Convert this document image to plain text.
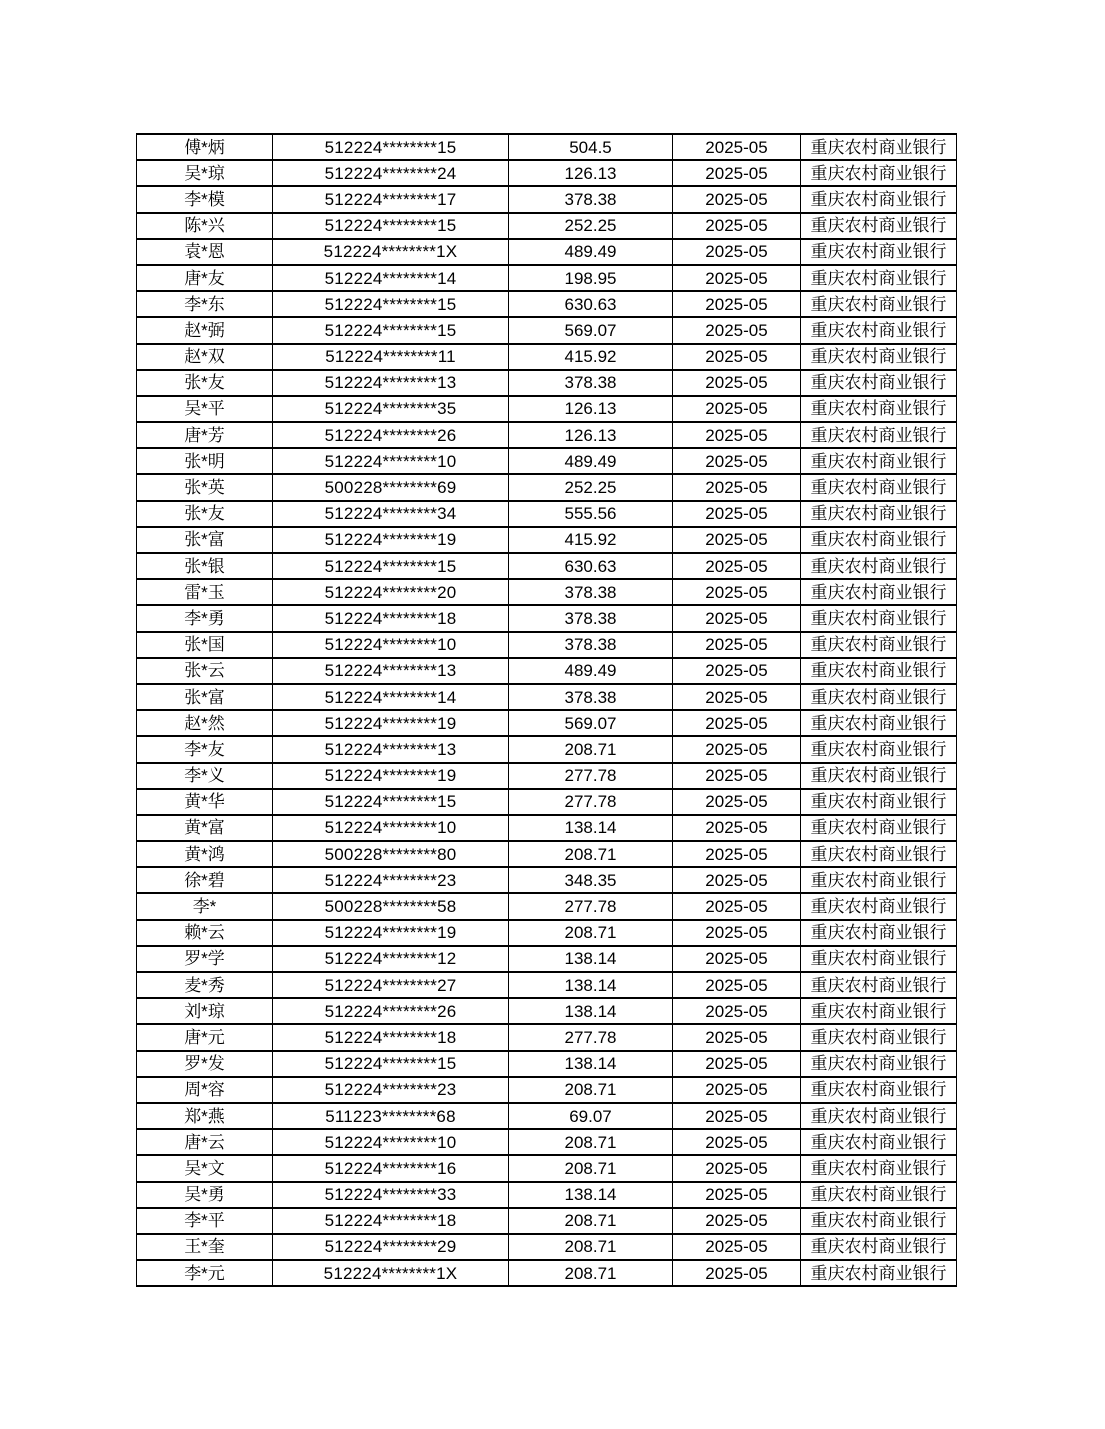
傅*炳	512224********15	504.5	2025-05	重庆农村商业银行
吴*琼	512224********24	126.13	2025-05	重庆农村商业银行
李*模	512224********17	378.38	2025-05	重庆农村商业银行
陈*兴	512224********15	252.25	2025-05	重庆农村商业银行
袁*恩	512224********1X	489.49	2025-05	重庆农村商业银行
唐*友	512224********14	198.95	2025-05	重庆农村商业银行
李*东	512224********15	630.63	2025-05	重庆农村商业银行
赵*弼	512224********15	569.07	2025-05	重庆农村商业银行
赵*双	512224********11	415.92	2025-05	重庆农村商业银行
张*友	512224********13	378.38	2025-05	重庆农村商业银行
吴*平	512224********35	126.13	2025-05	重庆农村商业银行
唐*芳	512224********26	126.13	2025-05	重庆农村商业银行
张*明	512224********10	489.49	2025-05	重庆农村商业银行
张*英	500228********69	252.25	2025-05	重庆农村商业银行
张*友	512224********34	555.56	2025-05	重庆农村商业银行
张*富	512224********19	415.92	2025-05	重庆农村商业银行
张*银	512224********15	630.63	2025-05	重庆农村商业银行
雷*玉	512224********20	378.38	2025-05	重庆农村商业银行
李*勇	512224********18	378.38	2025-05	重庆农村商业银行
张*国	512224********10	378.38	2025-05	重庆农村商业银行
张*云	512224********13	489.49	2025-05	重庆农村商业银行
张*富	512224********14	378.38	2025-05	重庆农村商业银行
赵*然	512224********19	569.07	2025-05	重庆农村商业银行
李*友	512224********13	208.71	2025-05	重庆农村商业银行
李*义	512224********19	277.78	2025-05	重庆农村商业银行
黄*华	512224********15	277.78	2025-05	重庆农村商业银行
黄*富	512224********10	138.14	2025-05	重庆农村商业银行
黄*鸿	500228********80	208.71	2025-05	重庆农村商业银行
徐*碧	512224********23	348.35	2025-05	重庆农村商业银行
李*	500228********58	277.78	2025-05	重庆农村商业银行
赖*云	512224********19	208.71	2025-05	重庆农村商业银行
罗*学	512224********12	138.14	2025-05	重庆农村商业银行
麦*秀	512224********27	138.14	2025-05	重庆农村商业银行
刘*琼	512224********26	138.14	2025-05	重庆农村商业银行
唐*元	512224********18	277.78	2025-05	重庆农村商业银行
罗*发	512224********15	138.14	2025-05	重庆农村商业银行
周*容	512224********23	208.71	2025-05	重庆农村商业银行
郑*燕	511223********68	69.07	2025-05	重庆农村商业银行
唐*云	512224********10	208.71	2025-05	重庆农村商业银行
吴*文	512224********16	208.71	2025-05	重庆农村商业银行
吴*勇	512224********33	138.14	2025-05	重庆农村商业银行
李*平	512224********18	208.71	2025-05	重庆农村商业银行
王*奎	512224********29	208.71	2025-05	重庆农村商业银行
李*元	512224********1X	208.71	2025-05	重庆农村商业银行
